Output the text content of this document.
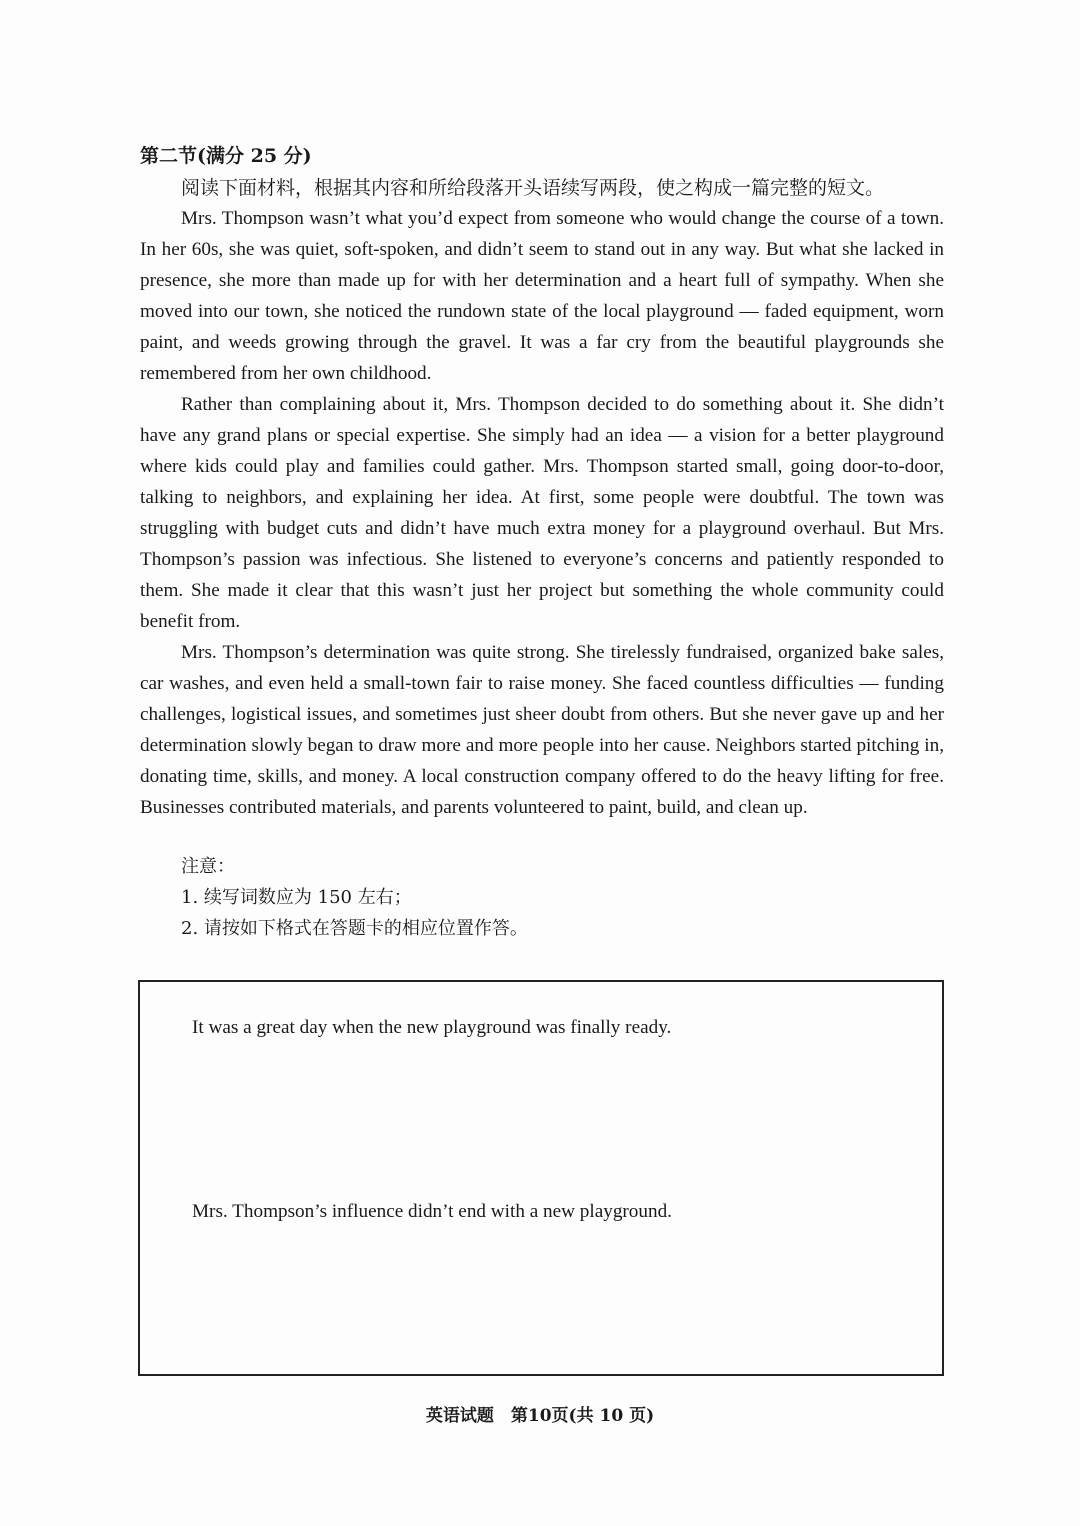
第二节(满分 25 分)
阅读下面材料，根据其内容和所给段落开头语续写两段，使之构成一篇完整的短文。

Mrs. Thompson wasn’t what you’d expect from someone who would change the course of a town. In her 60s, she was quiet, soft-spoken, and didn’t seem to stand out in any way. But what she lacked in presence, she more than made up for with her determination and a heart full of sympathy. When she moved into our town, she noticed the rundown state of the local playground — faded equipment, worn paint, and weeds growing through the gravel. It was a far cry from the beautiful playgrounds she remembered from her own childhood.

Rather than complaining about it, Mrs. Thompson decided to do something about it. She didn’t have any grand plans or special expertise. She simply had an idea — a vision for a better playground where kids could play and families could gather. Mrs. Thompson started small, going door-to-door, talking to neighbors, and explaining her idea. At first, some people were doubtful. The town was struggling with budget cuts and didn’t have much extra money for a playground overhaul. But Mrs. Thompson’s passion was infectious. She listened to everyone’s concerns and patiently responded to them. She made it clear that this wasn’t just her project but something the whole community could benefit from.

Mrs. Thompson’s determination was quite strong. She tirelessly fundraised, organized bake sales, car washes, and even held a small-town fair to raise money. She faced countless difficulties — funding challenges, logistical issues, and sometimes just sheer doubt from others. But she never gave up and her determination slowly began to draw more and more people into her cause. Neighbors started pitching in, donating time, skills, and money. A local construction company offered to do the heavy lifting for free. Businesses contributed materials, and parents volunteered to paint, build, and clean up.

注意：
1. 续写词数应为 150 左右；
2. 请按如下格式在答题卡的相应位置作答。
It was a great day when the new playground was finally ready.
Mrs. Thompson’s influence didn’t end with a new playground.
英语试题　第10页(共 10 页)
